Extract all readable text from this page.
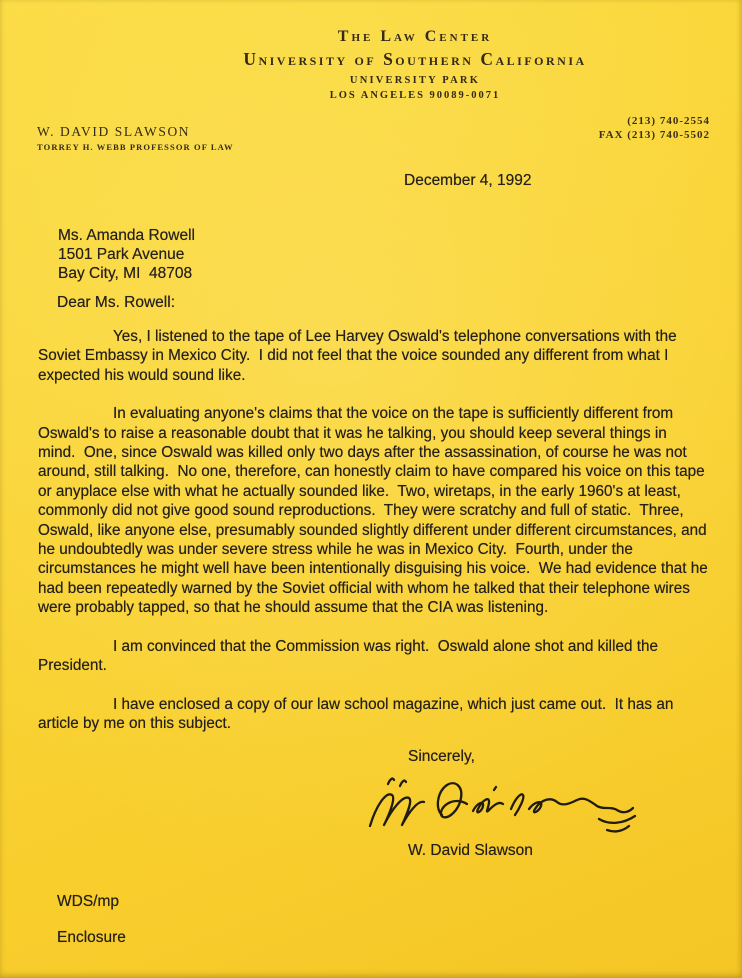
The Law Center
University of Southern California
UNIVERSITY PARK
LOS ANGELES 90089-0071
W. DAVID SLAWSON
TORREY H. WEBB PROFESSOR OF LAW
(213) 740-2554
FAX (213) 740-5502
December 4, 1992
Ms. Amanda Rowell
1501 Park Avenue
Bay City, MI  48708
Dear Ms. Rowell:

Yes, I listened to the tape of Lee Harvey Oswald's telephone conversations with the Soviet Embassy in Mexico City.  I did not feel that the voice sounded any different from what I expected his would sound like.

In evaluating anyone's claims that the voice on the tape is sufficiently different from Oswald's to raise a reasonable doubt that it was he talking, you should keep several things in mind.  One, since Oswald was killed only two days after the assassination, of course he was not around, still talking.  No one, therefore, can honestly claim to have compared his voice on this tape or anyplace else with what he actually sounded like.  Two, wiretaps, in the early 1960's at least, commonly did not give good sound reproductions.  They were scratchy and full of static.  Three, Oswald, like anyone else, presumably sounded slightly different under different circumstances, and he undoubtedly was under severe stress while he was in Mexico City.  Fourth, under the circumstances he might well have been intentionally disguising his voice.  We had evidence that he had been repeatedly warned by the Soviet official with whom he talked that their telephone wires were probably tapped, so that he should assume that the CIA was listening.

I am convinced that the Commission was right.  Oswald alone shot and killed the President.

I have enclosed a copy of our law school magazine, which just came out.  It has an article by me on this subject.

Sincerely,
W. David Slawson
WDS/mp
Enclosure
